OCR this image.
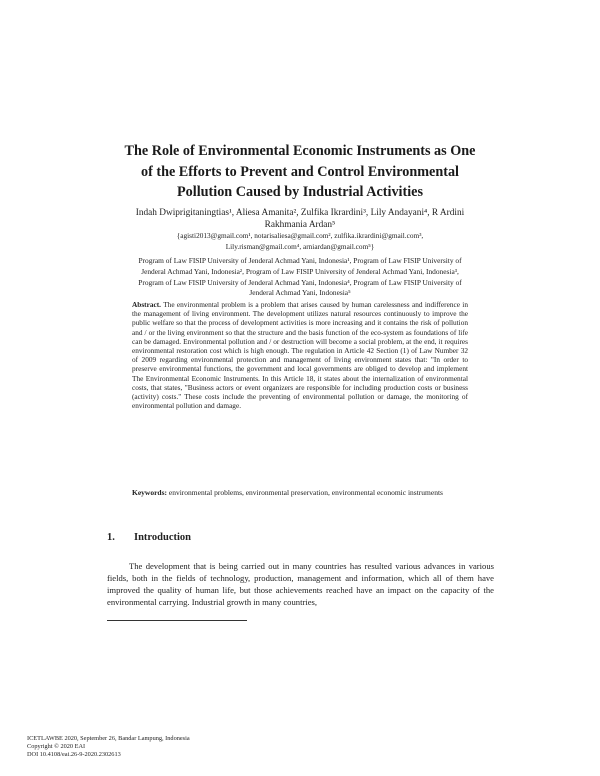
The Role of Environmental Economic Instruments as One
of the Efforts to Prevent and Control Environmental
Pollution Caused by Industrial Activities
Indah Dwiprigitaningtias¹, Aliesa Amanita², Zulfika Ikrardini³, Lily Andayani⁴, R Ardini
Rakhmania Ardan⁵
{agisti2013@gmail.com¹, notarisaliesa@gmail.com², zulfika.ikrardini@gmail.com³,
Lily.risman@gmail.com⁴, arniardan@gmail.com⁵}
Program of Law FISIP University of Jenderal Achmad Yani, Indonesia¹, Program of Law FISIP University of
Jenderal Achmad Yani, Indonesia², Program of Law FISIP University of Jenderal Achmad Yani, Indonesia³,
Program of Law FISIP University of Jenderal Achmad Yani, Indonesia⁴, Program of Law FISIP University of
Jenderal Achmad Yani, Indonesia⁵

Abstract. The environmental problem is a problem that arises caused by human carelessness and indifference in the management of living environment. The development utilizes natural resources continuously to improve the public welfare so that the process of development activities is more increasing and it contains the risk of pollution and / or the living environment so that the structure and the basis function of the eco-system as foundations of life can be damaged. Environmental pollution and / or destruction will become a social problem, at the end, it requires environmental restoration cost which is high enough. The regulation in Article 42 Section (1) of Law Number 32 of 2009 regarding environmental protection and management of living environment states that: "In order to preserve environmental functions, the government and local governments are obliged to develop and implement The Environmental Economic Instruments. In this Article 18, it states about the internalization of environmental costs, that states, "Business actors or event organizers are responsible for including production costs or business (activity) costs." These costs include the preventing of environmental pollution or damage, the monitoring of environmental pollution and damage.

Keywords: environmental problems, environmental preservation, environmental economic instruments

1. Introduction

The development that is being carried out in many countries has resulted various advances in various fields, both in the fields of technology, production, management and information, which all of them have improved the quality of human life, but those achievements reached have an impact on the capacity of the environmental carrying. Industrial growth in many countries,

ICETLAWBE 2020, September 26, Bandar Lampung, Indonesia
Copyright © 2020 EAI
DOI 10.4108/eai.26-9-2020.2302613
